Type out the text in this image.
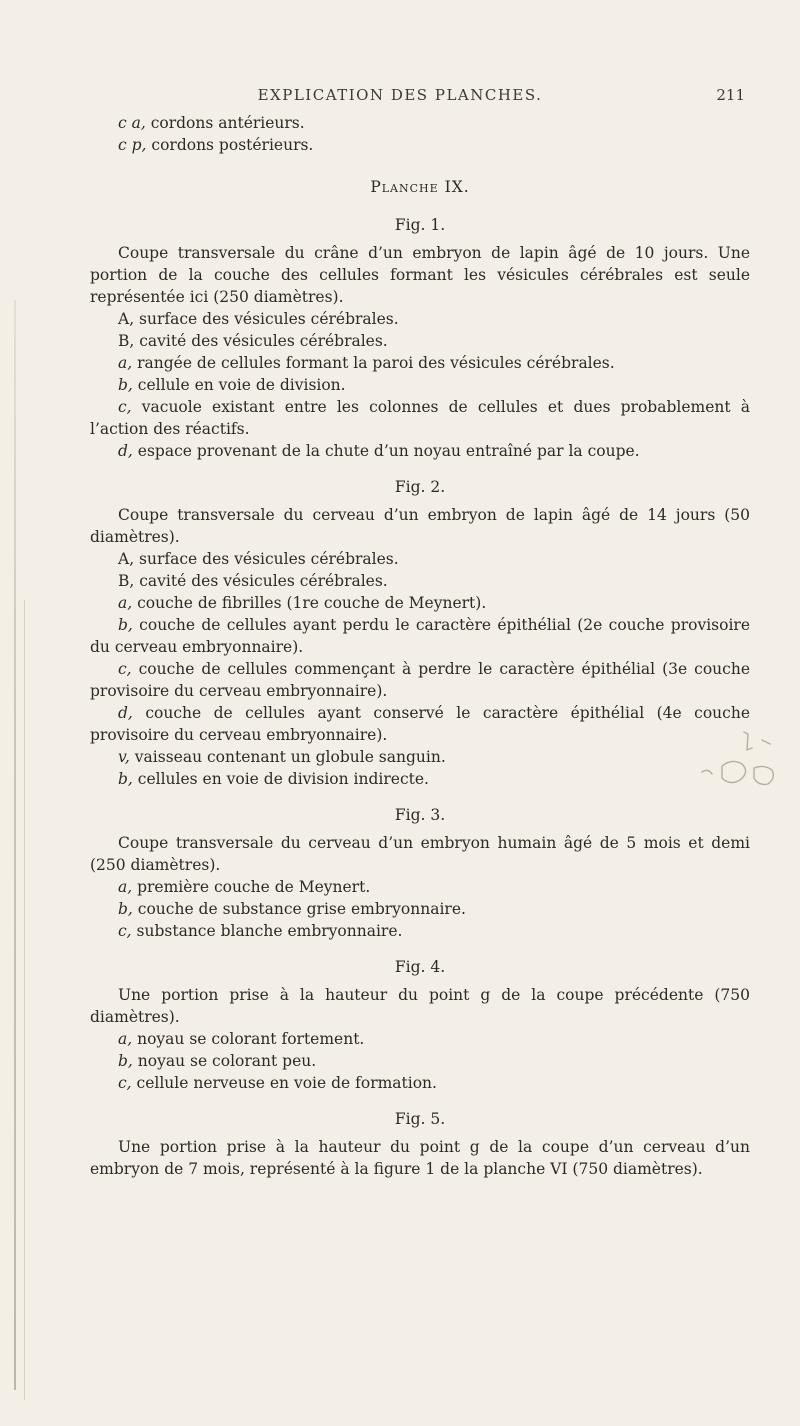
EXPLICATION DES PLANCHES.	211

c a, cordons antérieurs.

c p, cordons postérieurs.

Planche IX.
Fig. 1.

Coupe transversale du crâne d’un embryon de lapin âgé de 10 jours. Une portion de la couche des cellules formant les vésicules cérébrales est seule représentée ici (250 diamètres).

A, surface des vésicules cérébrales.

B, cavité des vésicules cérébrales.

a, rangée de cellules formant la paroi des vésicules cérébrales.

b, cellule en voie de division.

c, vacuole existant entre les colonnes de cellules et dues probablement à l’action des réactifs.

d, espace provenant de la chute d’un noyau entraîné par la coupe.

Fig. 2.

Coupe transversale du cerveau d’un embryon de lapin âgé de 14 jours (50 diamètres).

A, surface des vésicules cérébrales.

B, cavité des vésicules cérébrales.

a, couche de fibrilles (1re couche de Meynert).

b, couche de cellules ayant perdu le caractère épithélial (2e couche provisoire du cerveau embryonnaire).

c, couche de cellules commençant à perdre le caractère épithélial (3e couche provisoire du cerveau embryonnaire).

d, couche de cellules ayant conservé le caractère épithélial (4e couche provisoire du cerveau embryonnaire).

v, vaisseau contenant un globule sanguin.

b, cellules en voie de division indirecte.

Fig. 3.

Coupe transversale du cerveau d’un embryon humain âgé de 5 mois et demi (250 diamètres).

a, première couche de Meynert.

b, couche de substance grise embryonnaire.

c, substance blanche embryonnaire.

Fig. 4.

Une portion prise à la hauteur du point g de la coupe précédente (750 diamètres).

a, noyau se colorant fortement.

b, noyau se colorant peu.

c, cellule nerveuse en voie de formation.

Fig. 5.

Une portion prise à la hauteur du point g de la coupe d’un cerveau d’un embryon de 7 mois, représenté à la figure 1 de la planche VI (750 diamètres).
